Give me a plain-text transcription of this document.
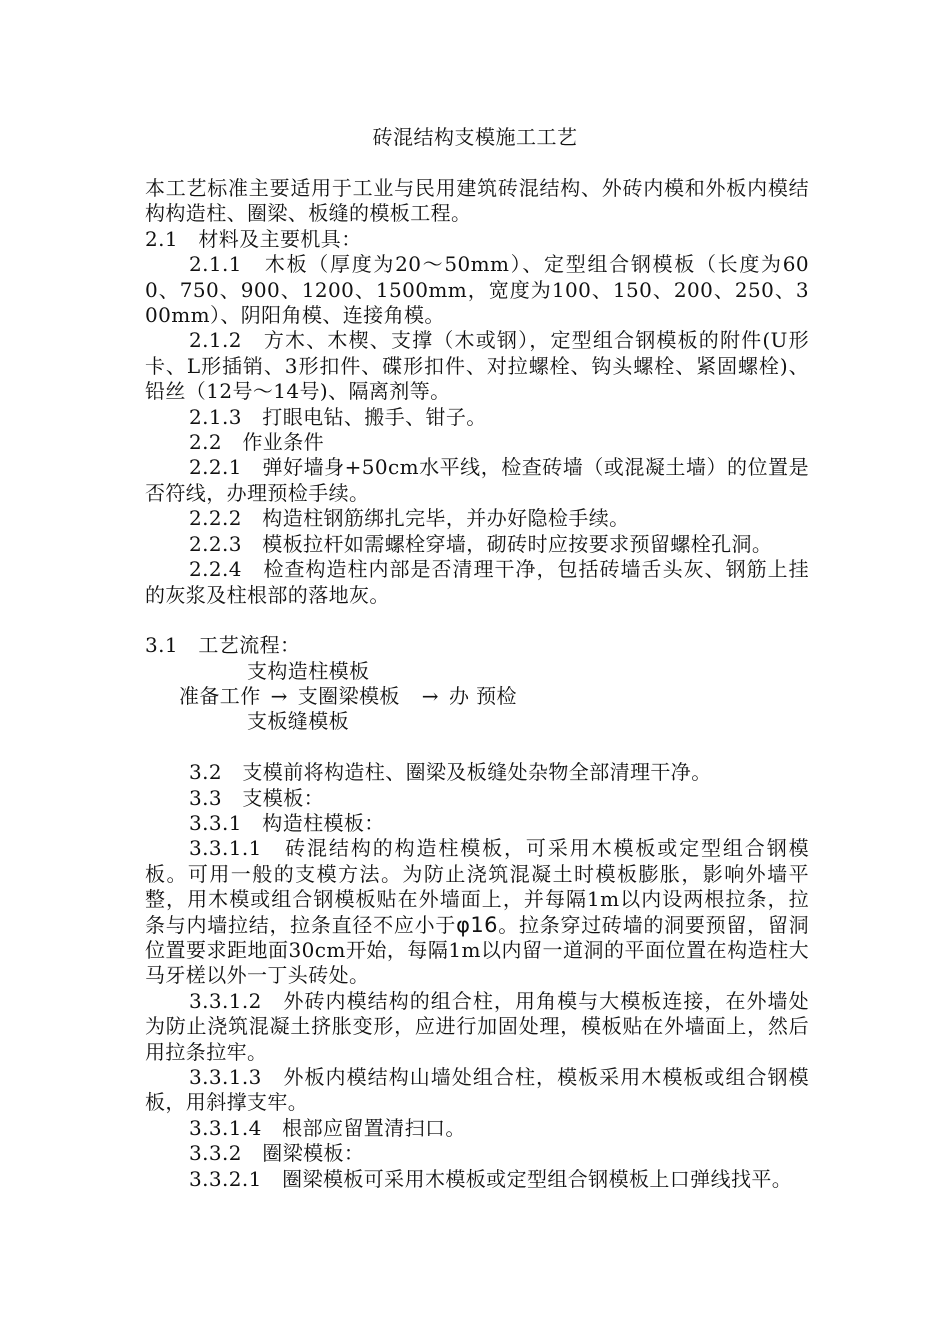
砖混结构支模施工工艺

本工艺标准主要适用于工业与民用建筑砖混结构、外砖内模和外板内模结构构造柱、圈梁、板缝的模板工程。

2.1　材料及主要机具：

2.1.1　木板（厚度为20～50mm）、定型组合钢模板（长度为600、750、900、1200、1500mm，宽度为100、150、200、250、300mm）、阴阳角模、连接角模。

2.1.2　方木、木楔、支撑（木或钢），定型组合钢模板的附件(U形卡、L形插销、3形扣件、碟形扣件、对拉螺栓、钩头螺栓、紧固螺栓)、铅丝（12号～14号)、隔离剂等。

2.1.3　打眼电钻、搬手、钳子。

2.2　作业条件

2.2.1　弹好墙身+50cm水平线，检查砖墙（或混凝土墙）的位置是否符线，办理预检手续。

2.2.2　构造柱钢筋绑扎完毕，并办好隐检手续。

2.2.3　模板拉杆如需螺栓穿墙，砌砖时应按要求预留螺栓孔洞。

2.2.4　检查构造柱内部是否清理干净，包括砖墙舌头灰、钢筋上挂的灰浆及柱根部的落地灰。

3.1　工艺流程：

支构造柱模板
准备工作 → 支圈梁模板 → 办 预检
支板缝模板

3.2　支模前将构造柱、圈梁及板缝处杂物全部清理干净。

3.3　支模板：

3.3.1　构造柱模板：

3.3.1.1　砖混结构的构造柱模板，可采用木模板或定型组合钢模板。可用一般的支模方法。为防止浇筑混凝土时模板膨胀，影响外墙平整，用木模或组合钢模板贴在外墙面上，并每隔1m以内设两根拉条，拉条与内墙拉结，拉条直径不应小于φ16。拉条穿过砖墙的洞要预留，留洞位置要求距地面30cm开始，每隔1m以内留一道洞的平面位置在构造柱大马牙槎以外一丁头砖处。

3.3.1.2　外砖内模结构的组合柱，用角模与大模板连接，在外墙处为防止浇筑混凝土挤胀变形，应进行加固处理，模板贴在外墙面上，然后用拉条拉牢。

3.3.1.3　外板内模结构山墙处组合柱，模板采用木模板或组合钢模板，用斜撑支牢。

3.3.1.4　根部应留置清扫口。

3.3.2　圈梁模板：

3.3.2.1　圈梁模板可采用木模板或定型组合钢模板上口弹线找平。
